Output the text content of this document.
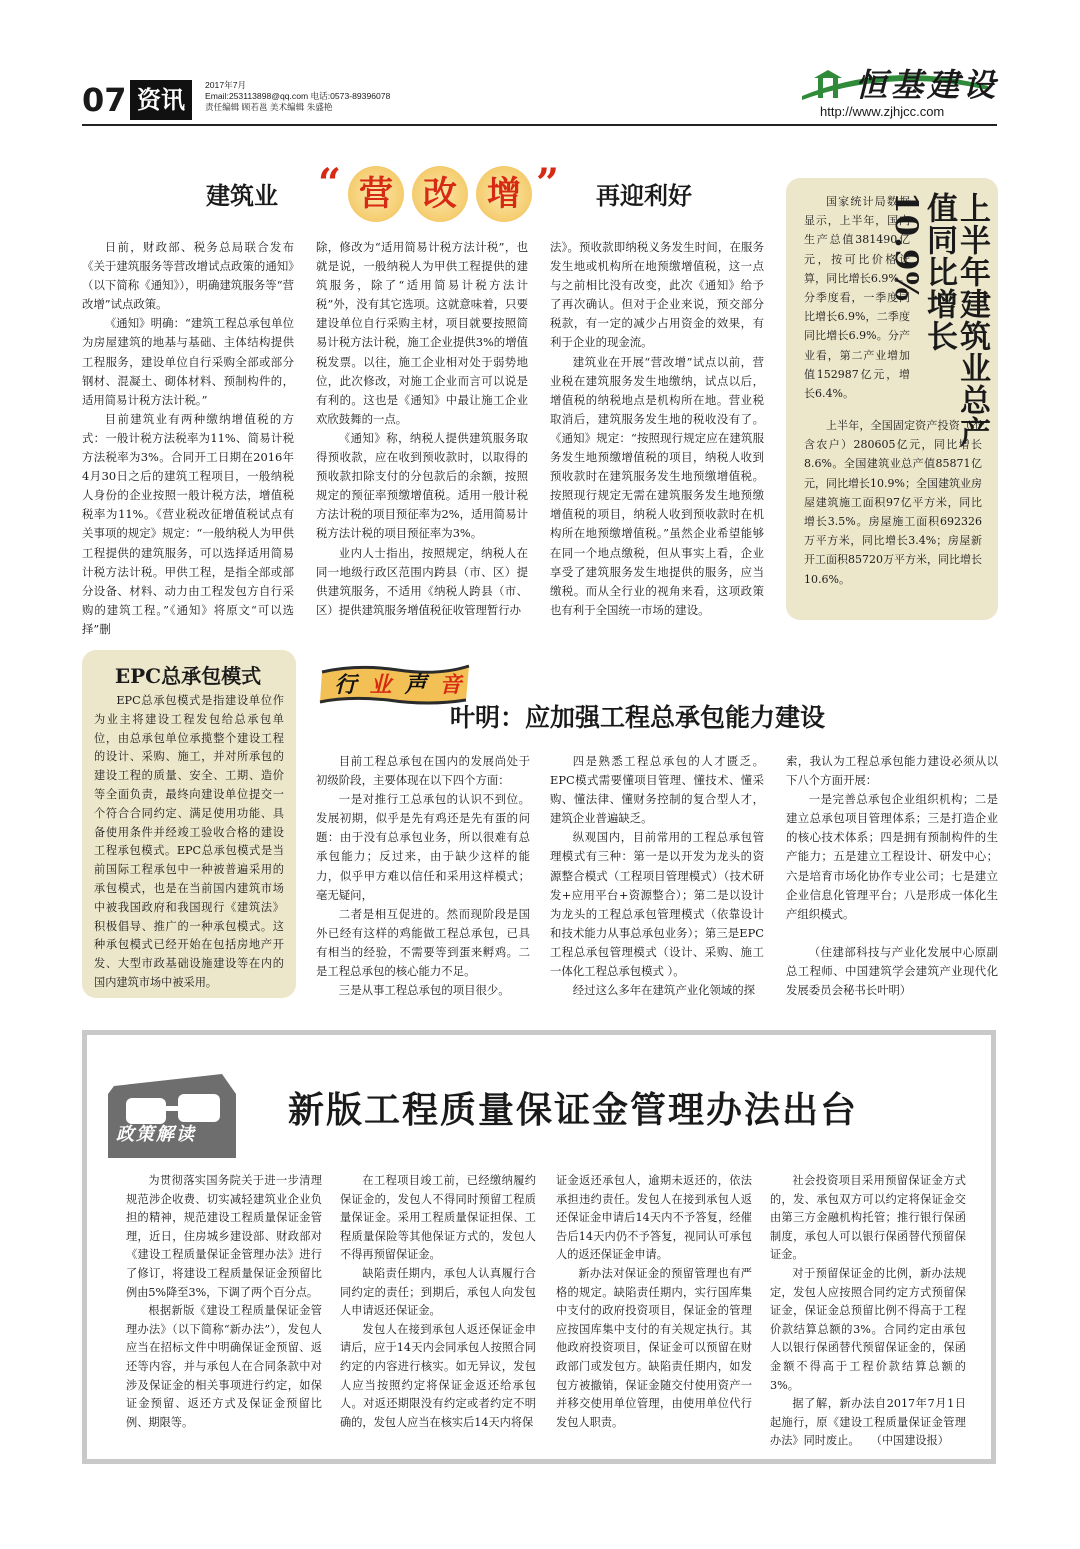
07 资讯
2017年7月
Email:253113898@qq.com 电话:0573-89396078
责任编辑 顾若邕 美术编辑 朱盛艳
恒基建设
http://www.zjhjcc.com
建筑业 “ 营 改 增 ” 再迎利好

日前，财政部、税务总局联合发布《关于建筑服务等营改增试点政策的通知》（以下简称《通知》），明确建筑服务等“营改增”试点政策。

《通知》明确：“建筑工程总承包单位为房屋建筑的地基与基础、主体结构提供工程服务，建设单位自行采购全部或部分钢材、混凝土、砌体材料、预制构件的，适用简易计税方法计税。”

目前建筑业有两种缴纳增值税的方式：一般计税方法税率为11%、简易计税方法税率为3%。合同开工日期在2016年4月30日之后的建筑工程项目，一般纳税人身份的企业按照一般计税方法，增值税税率为11%。《营业税改征增值税试点有关事项的规定》规定：“一般纳税人为甲供工程提供的建筑服务，可以选择适用简易计税方法计税。甲供工程，是指全部或部分设备、材料、动力由工程发包方自行采购的建筑工程。”《通知》将原文“可以选择”删

除，修改为“适用简易计税方法计税”，也就是说，一般纳税人为甲供工程提供的建筑服务，除了“适用简易计税方法计税”外，没有其它选项。这就意味着，只要建设单位自行采购主材，项目就要按照简易计税方法计税，施工企业提供3%的增值税发票。以往，施工企业相对处于弱势地位，此次修改，对施工企业而言可以说是有利的。这也是《通知》中最让施工企业欢欣鼓舞的一点。

《通知》称，纳税人提供建筑服务取得预收款，应在收到预收款时，以取得的预收款扣除支付的分包款后的余额，按照规定的预征率预缴增值税。适用一般计税方法计税的项目预征率为2%，适用简易计税方法计税的项目预征率为3%。

业内人士指出，按照规定，纳税人在同一地级行政区范围内跨县（市、区）提供建筑服务，不适用《纳税人跨县（市、区）提供建筑服务增值税征收管理暂行办

法》。预收款即纳税义务发生时间，在服务发生地或机构所在地预缴增值税，这一点与之前相比没有改变，此次《通知》给予了再次确认。但对于企业来说，预交部分税款，有一定的减少占用资金的效果，有利于企业的现金流。

建筑业在开展“营改增”试点以前，营业税在建筑服务发生地缴纳，试点以后，增值税的纳税地点是机构所在地。营业税取消后，建筑服务发生地的税收没有了。《通知》规定：“按照现行规定应在建筑服务发生地预缴增值税的项目，纳税人收到预收款时在建筑服务发生地预缴增值税。按照现行规定无需在建筑服务发生地预缴增值税的项目，纳税人收到预收款时在机构所在地预缴增值税。”虽然企业希望能够在同一个地点缴税，但从事实上看，企业享受了建筑服务发生地提供的服务，应当缴税。而从全行业的视角来看，这项政策也有利于全国统一市场的建设。

上半年建筑业总产值同比增长10.9%

国家统计局数据显示，上半年，国内生产总值381490亿元，按可比价格计算，同比增长6.9%。分季度看，一季度同比增长6.9%，二季度同比增长6.9%。分产业看，第二产业增加值152987亿元，增长6.4%。

上半年，全国固定资产投资（不含农户）280605亿元，同比增长8.6%。全国建筑业总产值85871亿元，同比增长10.9%；全国建筑业房屋建筑施工面积97亿平方米，同比增长3.5%。房屋施工面积692326万平方米，同比增长3.4%；房屋新开工面积85720万平方米，同比增长10.6%。

EPC总承包模式

EPC总承包模式是指建设单位作为业主将建设工程发包给总承包单位，由总承包单位承揽整个建设工程的设计、采购、施工，并对所承包的建设工程的质量、安全、工期、造价等全面负责，最终向建设单位提交一个符合合同约定、满足使用功能、具备使用条件并经竣工验收合格的建设工程承包模式。EPC总承包模式是当前国际工程承包中一种被普遍采用的承包模式，也是在当前国内建筑市场中被我国政府和我国现行《建筑法》积极倡导、推广的一种承包模式。这种承包模式已经开始在包括房地产开发、大型市政基础设施建设等在内的国内建筑市场中被采用。

行 业 声 音
叶明：应加强工程总承包能力建设

目前工程总承包在国内的发展尚处于初级阶段，主要体现在以下四个方面：

一是对推行工总承包的认识不到位。发展初期，似乎是先有鸡还是先有蛋的问题：由于没有总承包业务，所以很难有总承包能力；反过来，由于缺少这样的能力，似乎甲方难以信任和采用这样模式；毫无疑问，

二者是相互促进的。然而现阶段是国外已经有这样的鸡能做工程总承包，已具有相当的经验，不需要等到蛋来孵鸡。二是工程总承包的核心能力不足。

三是从事工程总承包的项目很少。

四是熟悉工程总承包的人才匮乏。EPC模式需要懂项目管理、懂技术、懂采购、懂法律、懂财务控制的复合型人才，建筑企业普遍缺乏。

纵观国内，目前常用的工程总承包管理模式有三种：第一是以开发为龙头的资源整合模式（工程项目管理模式）（技术研发+应用平台+资源整合）；第二是以设计为龙头的工程总承包管理模式（依靠设计和技术能力从事总承包业务）；第三是EPC工程总承包管理模式（设计、采购、施工一体化工程总承包模式 ）。

经过这么多年在建筑产业化领域的探

索，我认为工程总承包能力建设必须从以下八个方面开展：

一是完善总承包企业组织机构；二是建立总承包项目管理体系；三是打造企业的核心技术体系；四是拥有预制构件的生产能力；五是建立工程设计、研发中心；六是培育市场化协作专业公司；七是建立企业信息化管理平台；八是形成一体化生产组织模式。

（住建部科技与产业化发展中心原副总工程师、中国建筑学会建筑产业现代化发展委员会秘书长叶明）

政策解读
新版工程质量保证金管理办法出台

为贯彻落实国务院关于进一步清理规范涉企收费、切实减轻建筑业企业负担的精神，规范建设工程质量保证金管理，近日，住房城乡建设部、财政部对《建设工程质量保证金管理办法》进行了修订，将建设工程质量保证金预留比例由5%降至3%，下调了两个百分点。

根据新版《建设工程质量保证金管理办法》（以下简称“新办法”），发包人应当在招标文件中明确保证金预留、返还等内容，并与承包人在合同条款中对涉及保证金的相关事项进行约定，如保证金预留、返还方式及保证金预留比例、期限等。

在工程项目竣工前，已经缴纳履约保证金的，发包人不得同时预留工程质量保证金。采用工程质量保证担保、工程质量保险等其他保证方式的，发包人不得再预留保证金。

缺陷责任期内，承包人认真履行合同约定的责任；到期后，承包人向发包人申请返还保证金。

发包人在接到承包人返还保证金申请后，应于14天内会同承包人按照合同约定的内容进行核实。如无异议，发包人应当按照约定将保证金返还给承包人。对返还期限没有约定或者约定不明确的，发包人应当在核实后14天内将保

证金返还承包人，逾期未返还的，依法承担违约责任。发包人在接到承包人返还保证金申请后14天内不予答复，经催告后14天内仍不予答复，视同认可承包人的返还保证金申请。

新办法对保证金的预留管理也有严格的规定。缺陷责任期内，实行国库集中支付的政府投资项目，保证金的管理应按国库集中支付的有关规定执行。其他政府投资项目，保证金可以预留在财政部门或发包方。缺陷责任期内，如发包方被撤销，保证金随交付使用资产一并移交使用单位管理，由使用单位代行发包人职责。

社会投资项目采用预留保证金方式的，发、承包双方可以约定将保证金交由第三方金融机构托管；推行银行保函制度，承包人可以银行保函替代预留保证金。

对于预留保证金的比例，新办法规定，发包人应按照合同约定方式预留保证金，保证金总预留比例不得高于工程价款结算总额的3%。合同约定由承包人以银行保函替代预留保证金的，保函金额不得高于工程价款结算总额的3%。

据了解，新办法自2017年7月1日起施行，原《建设工程质量保证金管理办法》同时废止。　　（中国建设报）
